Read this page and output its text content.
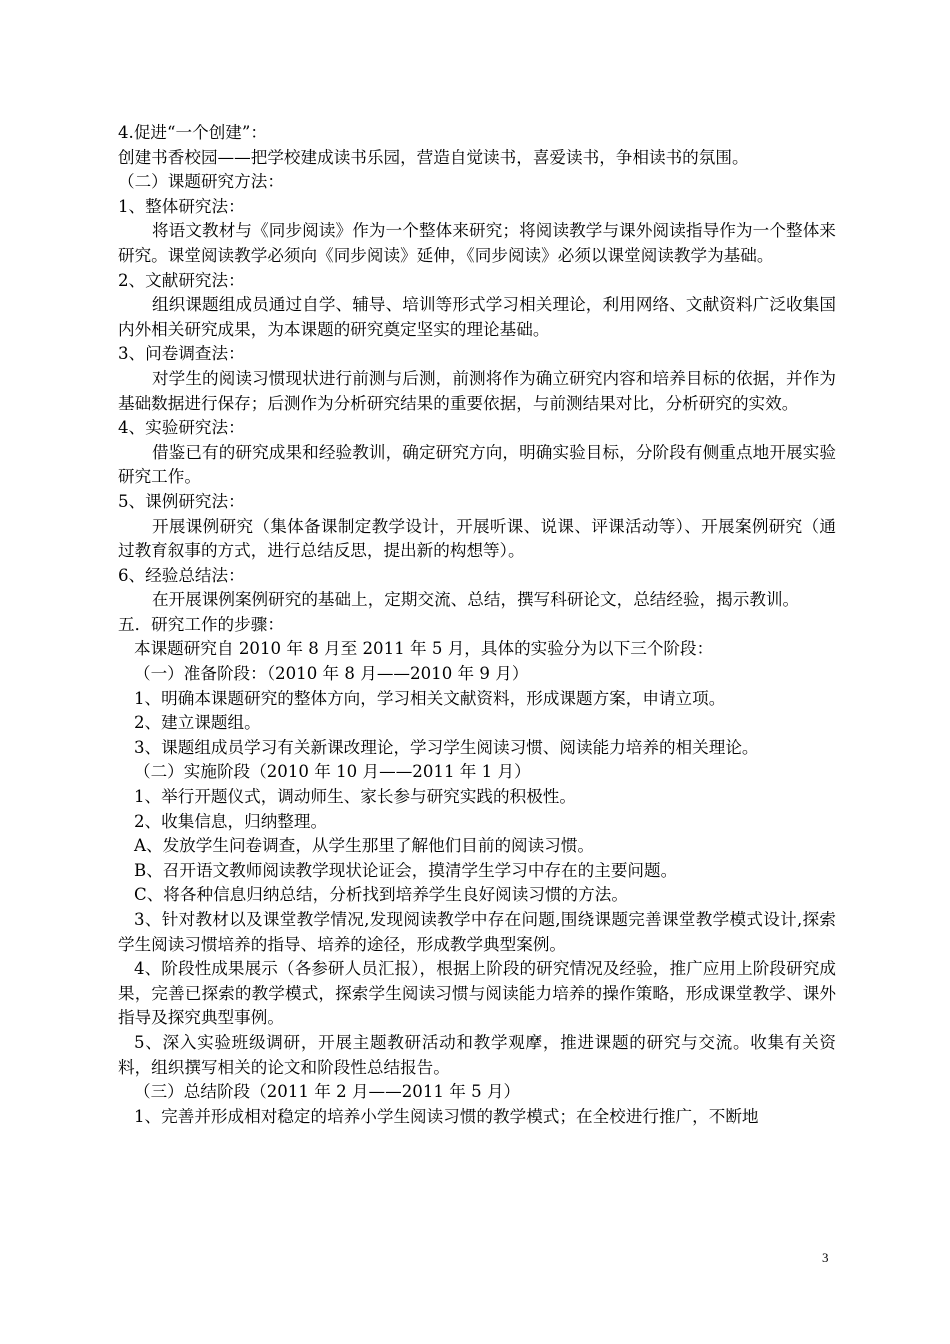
4.促进“一个创建”：
创建书香校园——把学校建成读书乐园，营造自觉读书，喜爱读书，争相读书的氛围。
（二）课题研究方法：
1、整体研究法：
将语文教材与《同步阅读》作为一个整体来研究；将阅读教学与课外阅读指导作为一个整体来研究。课堂阅读教学必须向《同步阅读》延伸，《同步阅读》必须以课堂阅读教学为基础。
2、文献研究法：
组织课题组成员通过自学、辅导、培训等形式学习相关理论，利用网络、文献资料广泛收集国内外相关研究成果，为本课题的研究奠定坚实的理论基础。
3、问卷调查法：
对学生的阅读习惯现状进行前测与后测，前测将作为确立研究内容和培养目标的依据，并作为基础数据进行保存；后测作为分析研究结果的重要依据，与前测结果对比，分析研究的实效。
4、实验研究法：
借鉴已有的研究成果和经验教训，确定研究方向，明确实验目标，分阶段有侧重点地开展实验研究工作。
5、课例研究法：
开展课例研究（集体备课制定教学设计，开展听课、说课、评课活动等）、开展案例研究（通过教育叙事的方式，进行总结反思，提出新的构想等）。
6、经验总结法：
在开展课例案例研究的基础上，定期交流、总结，撰写科研论文，总结经验，揭示教训。
五．研究工作的步骤：
本课题研究自 2010 年 8 月至 2011 年 5 月，具体的实验分为以下三个阶段：
（一）准备阶段：（2010 年 8 月——2010 年 9 月）
1、明确本课题研究的整体方向，学习相关文献资料，形成课题方案，申请立项。
2、建立课题组。
3、课题组成员学习有关新课改理论，学习学生阅读习惯、阅读能力培养的相关理论。
（二）实施阶段（2010 年 10 月——2011 年 1 月）
1、举行开题仪式，调动师生、家长参与研究实践的积极性。
2、收集信息，归纳整理。
A、发放学生问卷调查，从学生那里了解他们目前的阅读习惯。
B、召开语文教师阅读教学现状论证会，摸清学生学习中存在的主要问题。
C、将各种信息归纳总结，分析找到培养学生良好阅读习惯的方法。
3、针对教材以及课堂教学情况,发现阅读教学中存在问题,围绕课题完善课堂教学模式设计,探索学生阅读习惯培养的指导、培养的途径，形成教学典型案例。
4、阶段性成果展示（各参研人员汇报），根据上阶段的研究情况及经验，推广应用上阶段研究成果，完善已探索的教学模式，探索学生阅读习惯与阅读能力培养的操作策略，形成课堂教学、课外指导及探究典型事例。
5、深入实验班级调研，开展主题教研活动和教学观摩，推进课题的研究与交流。收集有关资料，组织撰写相关的论文和阶段性总结报告。
（三）总结阶段（2011 年 2 月——2011 年 5 月）
1、完善并形成相对稳定的培养小学生阅读习惯的教学模式；在全校进行推广，不断地
3
